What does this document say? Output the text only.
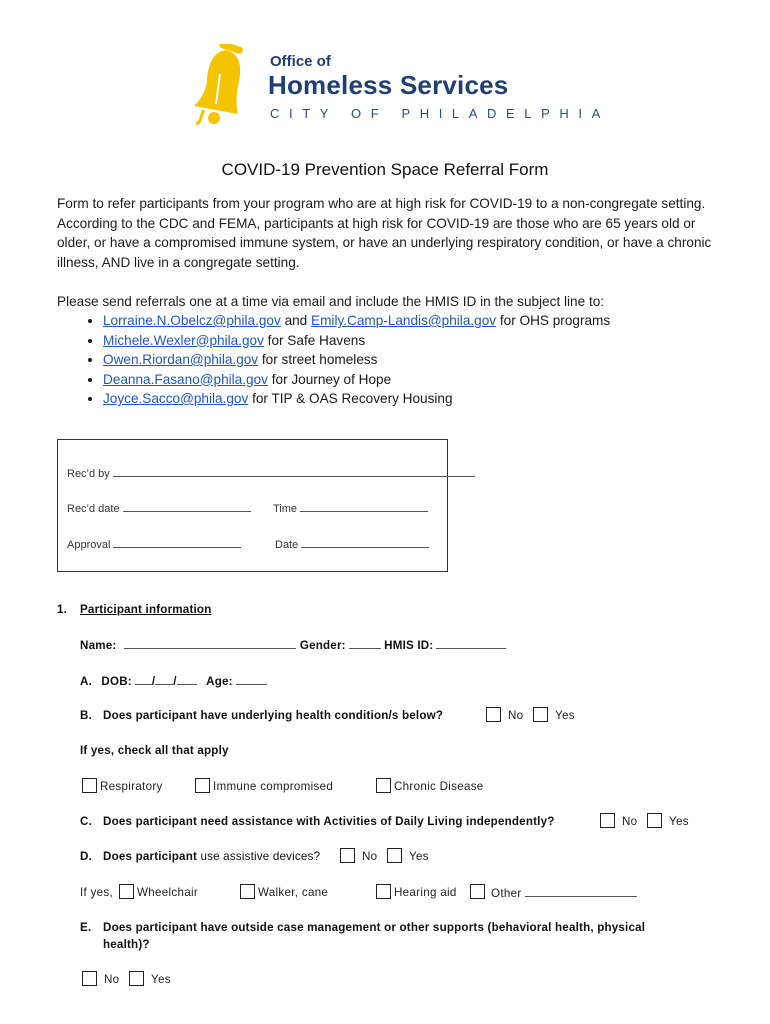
Office of
Homeless Services
CITY OF PHILADELPHIA
COVID-19 Prevention Space Referral Form
Form to refer participants from your program who are at high risk for COVID-19 to a non-congregate setting. According to the CDC and FEMA, participants at high risk for COVID-19 are those who are 65 years old or older, or have a compromised immune system, or have an underlying respiratory condition, or have a chronic illness, AND live in a congregate setting.
Please send referrals one at a time via email and include the HMIS ID in the subject line to:
• Lorraine.N.Obelcz@phila.gov and Emily.Camp-Landis@phila.gov for OHS programs
• Michele.Wexler@phila.gov for Safe Havens
• Owen.Riordan@phila.gov for street homeless
• Deanna.Fasano@phila.gov for Journey of Hope
• Joyce.Sacco@phila.gov for TIP & OAS Recovery Housing
Rec’d by
Rec’d date	Time
Approval	Date
1. Participant information
Name:	Gender:	HMIS ID:
A. DOB: / /	Age:
B. Does participant have underlying health condition/s below?	No	Yes
If yes, check all that apply
Respiratory	Immune compromised	Chronic Disease
C. Does participant need assistance with Activities of Daily Living independently?	No	Yes
D. Does participant use assistive devices?	No	Yes
If yes, Wheelchair	Walker, cane	Hearing aid	Other
E. Does participant have outside case management or other supports (behavioral health, physical
health)?
No	Yes
